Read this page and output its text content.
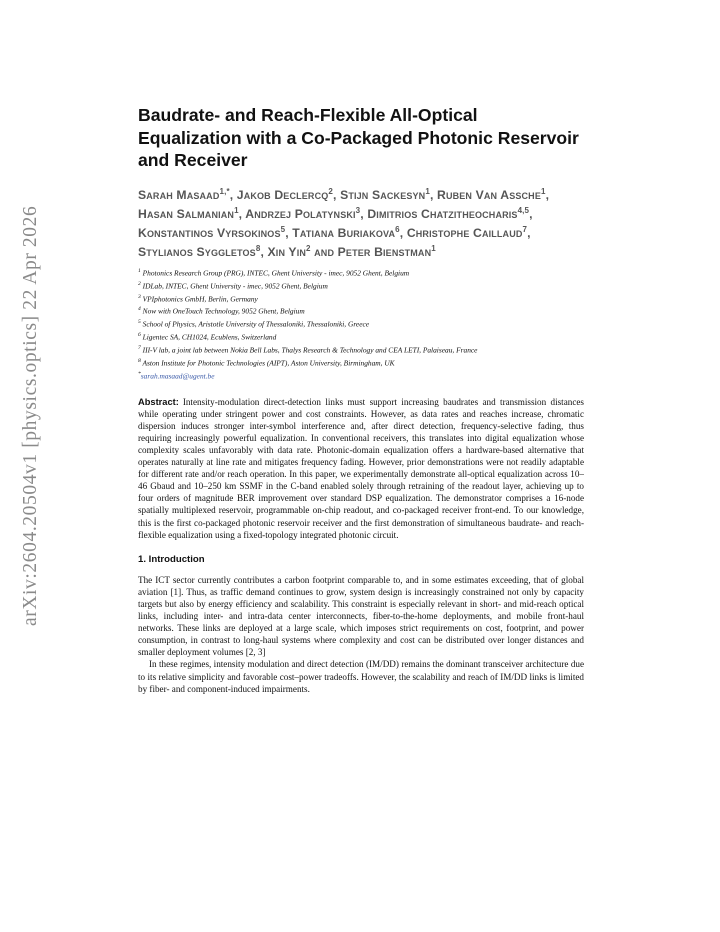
arXiv:2604.20504v1 [physics.optics] 22 Apr 2026
Baudrate- and Reach-Flexible All-Optical Equalization with a Co-Packaged Photonic Reservoir and Receiver
Sarah Masaad$^{1,*}$, Jakob Declercq$^2$, Stijn Sackesyn$^1$, Ruben Van Assche$^1$, Hasan Salmanian$^1$, Andrzej Polatynski$^3$, Dimitrios Chatzitheocharis$^{4,5}$, Konstantinos Vyrsokinos$^5$, Tatiana Buriakova$^6$, Christophe Caillaud$^7$, Stylianos Syggletos$^8$, Xin Yin$^2$ and Peter Bienstman$^1$
$^1$ Photonics Research Group (PRG), INTEC, Ghent University - imec, 9052 Ghent, Belgium
$^2$ IDLab, INTEC, Ghent University - imec, 9052 Ghent, Belgium
$^3$ VPIphotonics GmbH, Berlin, Germany
$^4$ Now with OneTouch Technology, 9052 Ghent, Belgium
$^5$ School of Physics, Aristotle University of Thessaloniki, Thessaloniki, Greece
$^6$ Ligentec SA, CH1024, Ecublens, Switzerland
$^7$ III-V lab, a joint lab between Nokia Bell Labs, Thalys Research & Technology and CEA LETI, Palaiseau, France
$^8$ Aston Institute for Photonic Technologies (AIPT), Aston University, Birmingham, UK
*sarah.masaad@ugent.be
Abstract: Intensity-modulation direct-detection links must support increasing baudrates and transmission distances while operating under stringent power and cost constraints. However, as data rates and reaches increase, chromatic dispersion induces stronger inter-symbol interference and, after direct detection, frequency-selective fading, thus requiring increasingly powerful equalization. In conventional receivers, this translates into digital equalization whose complexity scales unfavorably with data rate. Photonic-domain equalization offers a hardware-based alternative that operates naturally at line rate and mitigates frequency fading. However, prior demonstrations were not readily adaptable for different rate and/or reach operation. In this paper, we experimentally demonstrate all-optical equalization across 10–46 Gbaud and 10–250 km SSMF in the C-band enabled solely through retraining of the readout layer, achieving up to four orders of magnitude BER improvement over standard DSP equalization. The demonstrator comprises a 16-node spatially multiplexed reservoir, programmable on-chip readout, and co-packaged receiver front-end. To our knowledge, this is the first co-packaged photonic reservoir receiver and the first demonstration of simultaneous baudrate- and reach-flexible equalization using a fixed-topology integrated photonic circuit.
1. Introduction
The ICT sector currently contributes a carbon footprint comparable to, and in some estimates exceeding, that of global aviation [1]. Thus, as traffic demand continues to grow, system design is increasingly constrained not only by capacity targets but also by energy efficiency and scalability. This constraint is especially relevant in short- and mid-reach optical links, including inter- and intra-data center interconnects, fiber-to-the-home deployments, and mobile front-haul networks. These links are deployed at a large scale, which imposes strict requirements on cost, footprint, and power consumption, in contrast to long-haul systems where complexity and cost can be distributed over longer distances and smaller deployment volumes [2, 3]
In these regimes, intensity modulation and direct detection (IM/DD) remains the dominant transceiver architecture due to its relative simplicity and favorable cost–power tradeoffs. However, the scalability and reach of IM/DD links is limited by fiber- and component-induced impairments.
